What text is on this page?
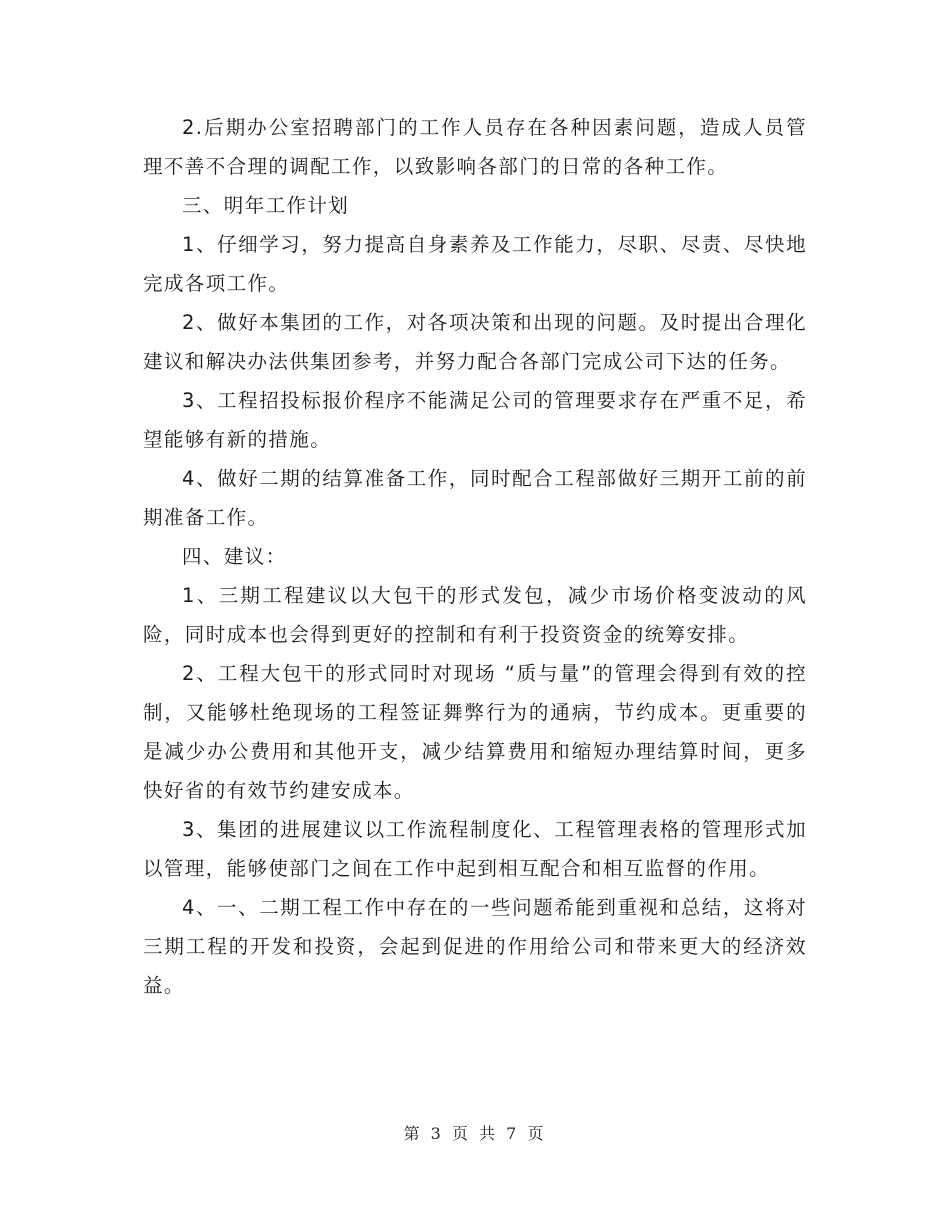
2.后期办公室招聘部门的工作人员存在各种因素问题，造成人员管理不善不合理的调配工作，以致影响各部门的日常的各种工作。

三、明年工作计划

1、仔细学习，努力提高自身素养及工作能力，尽职、尽责、尽快地完成各项工作。

2、做好本集团的工作，对各项决策和出现的问题。及时提出合理化建议和解决办法供集团参考，并努力配合各部门完成公司下达的任务。

3、工程招投标报价程序不能满足公司的管理要求存在严重不足，希望能够有新的措施。

4、做好二期的结算准备工作，同时配合工程部做好三期开工前的前期准备工作。

四、建议：

1、三期工程建议以大包干的形式发包，减少市场价格变波动的风险，同时成本也会得到更好的控制和有利于投资资金的统筹安排。

2、工程大包干的形式同时对现场 “质与量”的管理会得到有效的控制，又能够杜绝现场的工程签证舞弊行为的通病，节约成本。更重要的是减少办公费用和其他开支，减少结算费用和缩短办理结算时间，更多快好省的有效节约建安成本。

3、集团的进展建议以工作流程制度化、工程管理表格的管理形式加以管理，能够使部门之间在工作中起到相互配合和相互监督的作用。

4、一、二期工程工作中存在的一些问题希能到重视和总结，这将对三期工程的开发和投资，会起到促进的作用给公司和带来更大的经济效益。

第 3 页 共 7 页
